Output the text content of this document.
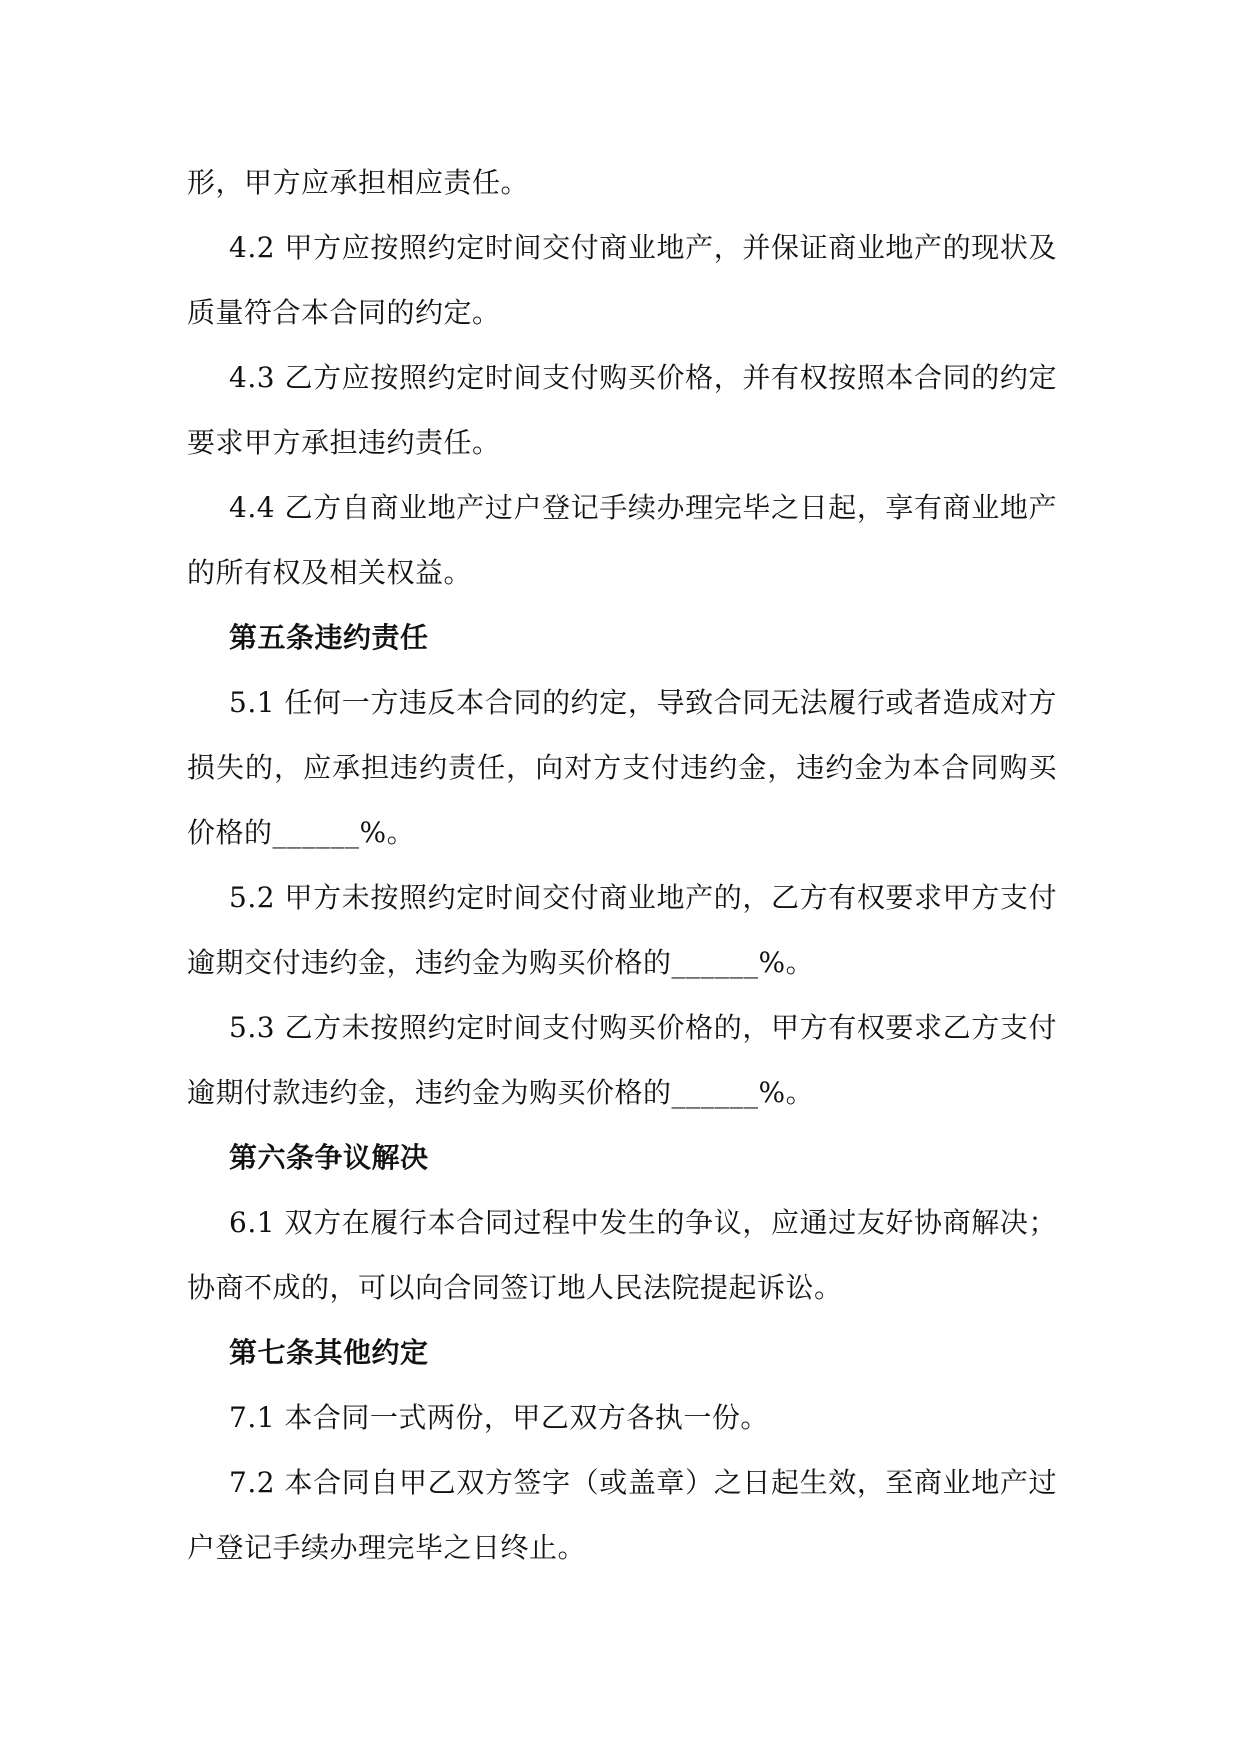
形，甲方应承担相应责任。

4.2 甲方应按照约定时间交付商业地产，并保证商业地产的现状及质量符合本合同的约定。

4.3 乙方应按照约定时间支付购买价格，并有权按照本合同的约定要求甲方承担违约责任。

4.4 乙方自商业地产过户登记手续办理完毕之日起，享有商业地产的所有权及相关权益。

第五条违约责任

5.1 任何一方违反本合同的约定，导致合同无法履行或者造成对方损失的，应承担违约责任，向对方支付违约金，违约金为本合同购买价格的______%。

5.2 甲方未按照约定时间交付商业地产的，乙方有权要求甲方支付逾期交付违约金，违约金为购买价格的______%。

5.3 乙方未按照约定时间支付购买价格的，甲方有权要求乙方支付逾期付款违约金，违约金为购买价格的______%。

第六条争议解决

6.1 双方在履行本合同过程中发生的争议，应通过友好协商解决；协商不成的，可以向合同签订地人民法院提起诉讼。

第七条其他约定

7.1 本合同一式两份，甲乙双方各执一份。

7.2 本合同自甲乙双方签字（或盖章）之日起生效，至商业地产过户登记手续办理完毕之日终止。
